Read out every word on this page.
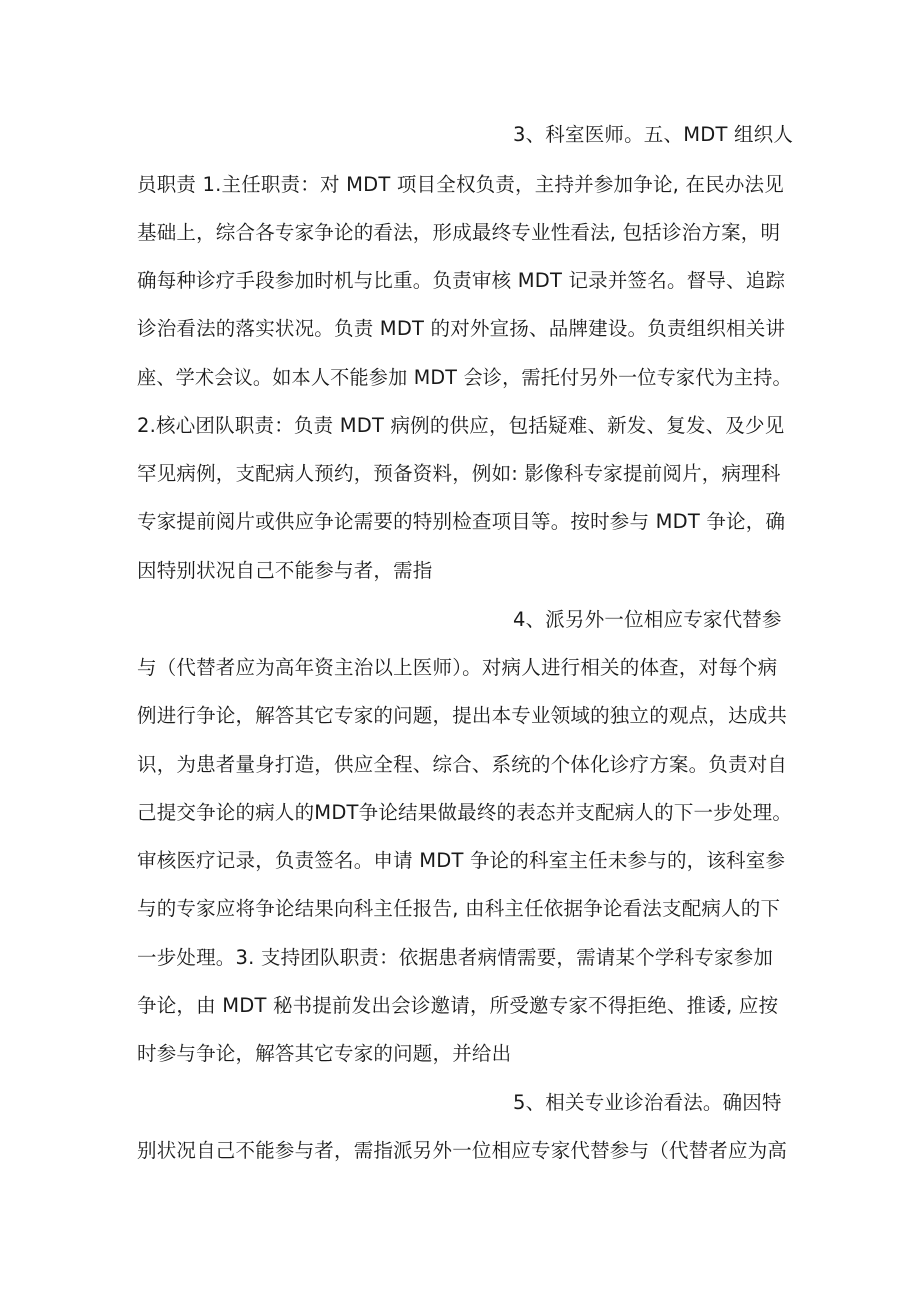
3、科室医师。五、MDT 组织人
员职责 1.主任职责：对 MDT 项目全权负责，主持并参加争论, 在民办法见
基础上，综合各专家争论的看法，形成最终专业性看法, 包括诊治方案，明
确每种诊疗手段参加时机与比重。负责审核 MDT 记录并签名。督导、追踪
诊治看法的落实状况。负责 MDT 的对外宣扬、品牌建设。负责组织相关讲
座、学术会议。如本人不能参加 MDT 会诊，需托付另外一位专家代为主持。
2.核心团队职责：负责 MDT 病例的供应，包括疑难、新发、复发、及少见
罕见病例，支配病人预约，预备资料，例如: 影像科专家提前阅片，病理科
专家提前阅片或供应争论需要的特别检查项目等。按时参与 MDT 争论，确
因特别状况自己不能参与者，需指
4、派另外一位相应专家代替参
与（代替者应为高年资主治以上医师）。对病人进行相关的体查，对每个病
例进行争论，解答其它专家的问题，提出本专业领域的独立的观点，达成共
识，为患者量身打造，供应全程、综合、系统的个体化诊疗方案。负责对自
己提交争论的病人的MDT争论结果做最终的表态并支配病人的下一步处理。
审核医疗记录，负责签名。申请 MDT 争论的科室主任未参与的，该科室参
与的专家应将争论结果向科主任报告, 由科主任依据争论看法支配病人的下
一步处理。3. 支持团队职责：依据患者病情需要，需请某个学科专家参加
争论，由 MDT 秘书提前发出会诊邀请，所受邀专家不得拒绝、推诿, 应按
时参与争论，解答其它专家的问题，并给出
5、相关专业诊治看法。确因特
别状况自己不能参与者，需指派另外一位相应专家代替参与（代替者应为高
